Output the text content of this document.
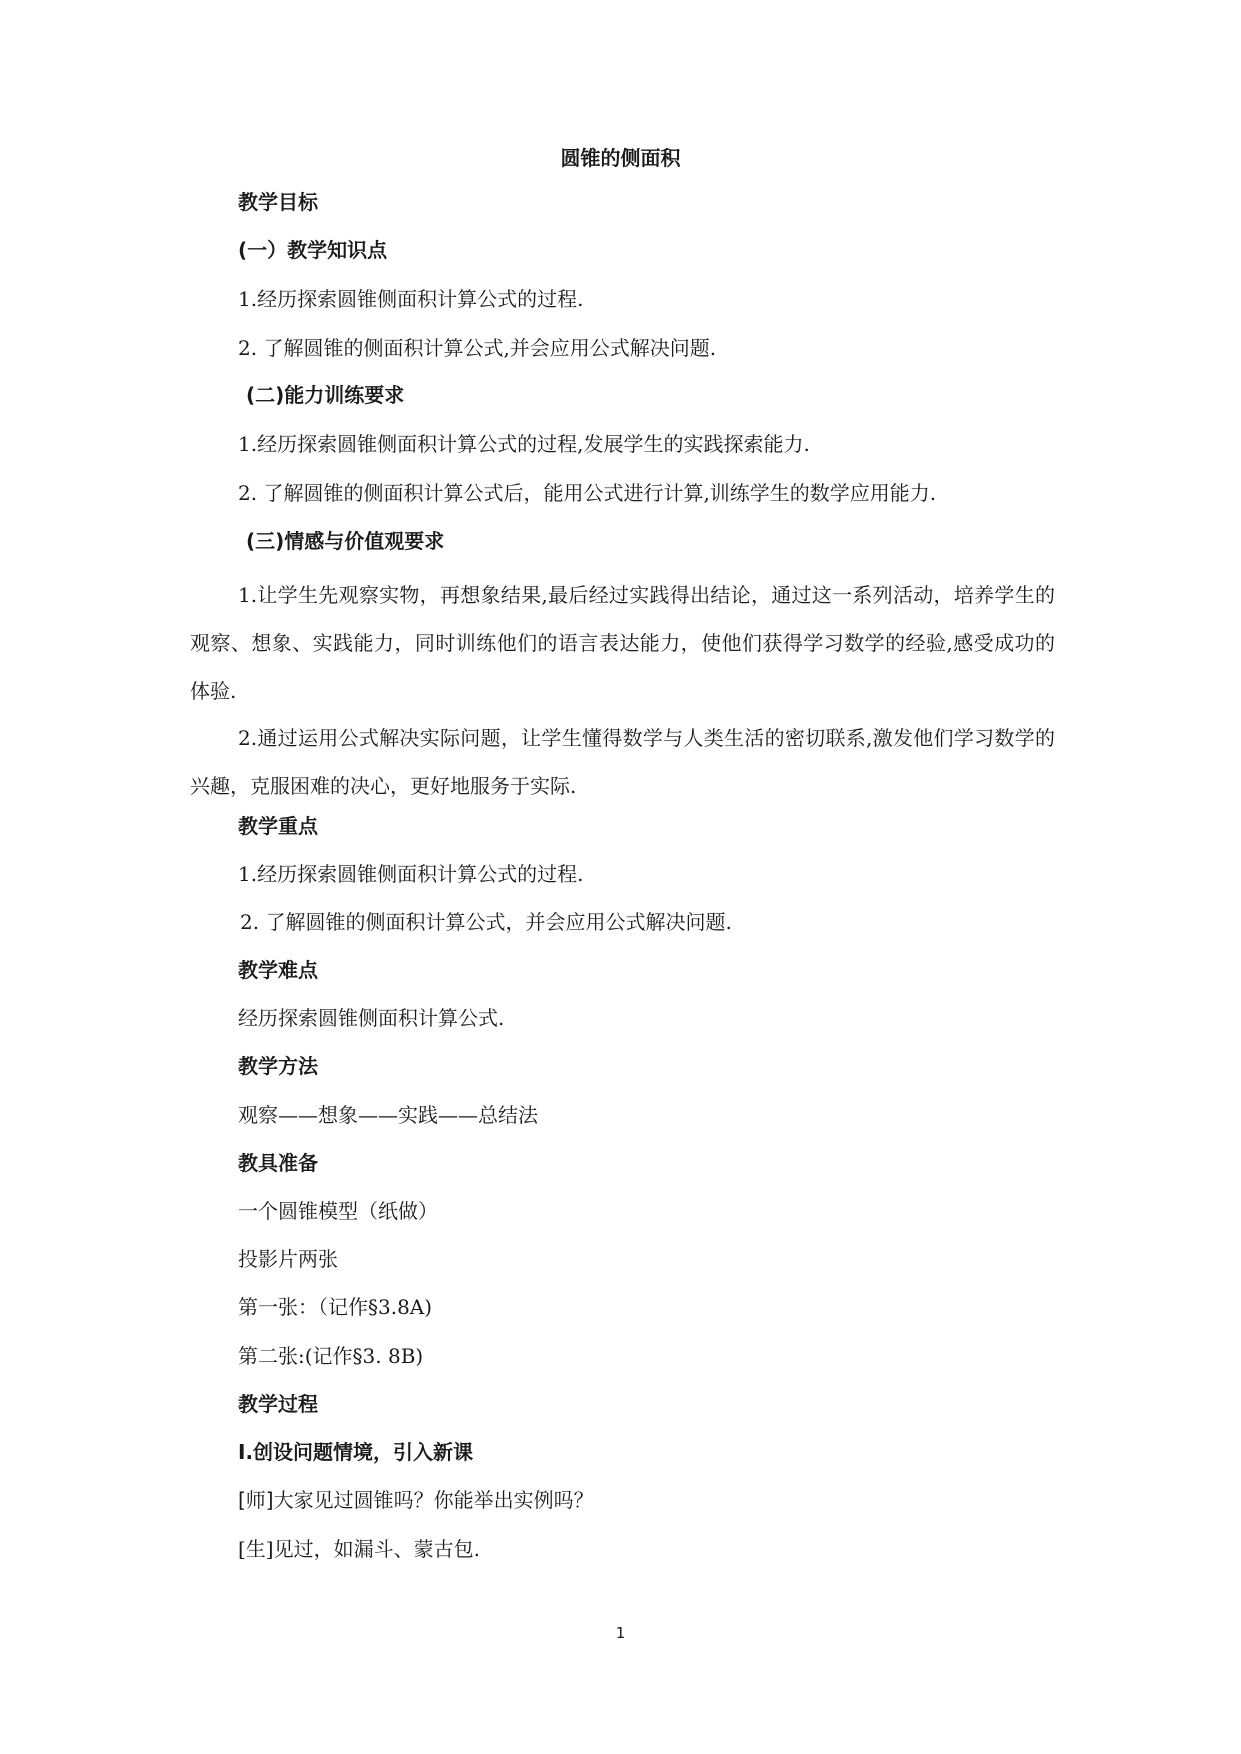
圆锥的侧面积
教学目标
(一）教学知识点
1.经历探索圆锥侧面积计算公式的过程.
2. 了解圆锥的侧面积计算公式,并会应用公式解决问题.
(二)能力训练要求
1.经历探索圆锥侧面积计算公式的过程,发展学生的实践探索能力.
2. 了解圆锥的侧面积计算公式后，能用公式进行计算,训练学生的数学应用能力.
(三)情感与价值观要求
1.让学生先观察实物，再想象结果,最后经过实践得出结论，通过这一系列活动，培养学生的观察、想象、实践能力，同时训练他们的语言表达能力，使他们获得学习数学的经验,感受成功的体验.
2.通过运用公式解决实际问题，让学生懂得数学与人类生活的密切联系,激发他们学习数学的兴趣，克服困难的决心，更好地服务于实际.
教学重点
1.经历探索圆锥侧面积计算公式的过程.
2. 了解圆锥的侧面积计算公式，并会应用公式解决问题.
教学难点
经历探索圆锥侧面积计算公式.
教学方法
观察——想象——实践——总结法
教具准备
一个圆锥模型（纸做）
投影片两张
第一张：（记作§3.8A)
第二张:(记作§3. 8B)
教学过程
Ⅰ.创设问题情境，引入新课
[师]大家见过圆锥吗？你能举出实例吗？
[生]见过，如漏斗、蒙古包.
1
